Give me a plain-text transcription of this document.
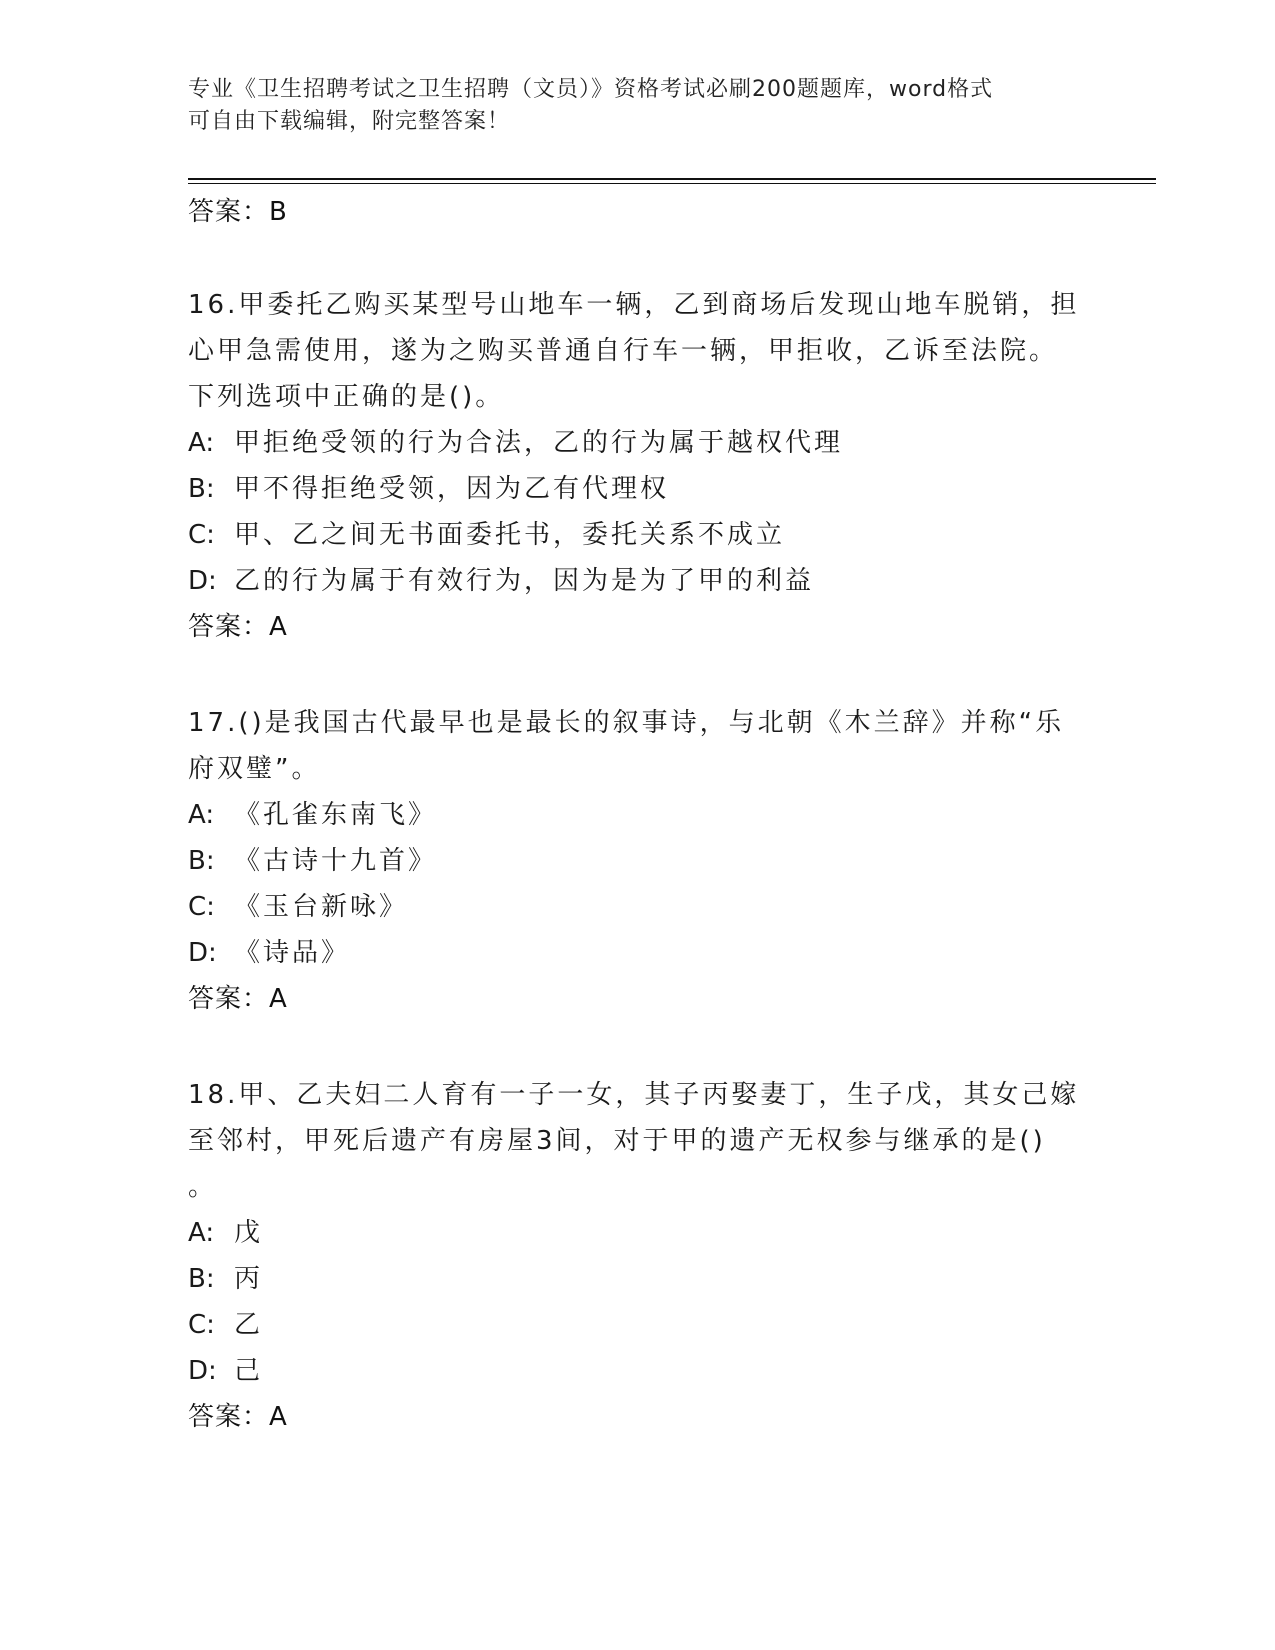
专业《卫生招聘考试之卫生招聘（文员）》资格考试必刷200题题库，word格式
可自由下载编辑，附完整答案！
答案：B
16.甲委托乙购买某型号山地车一辆，乙到商场后发现山地车脱销，担
心甲急需使用，遂为之购买普通自行车一辆，甲拒收，乙诉至法院。
下列选项中正确的是()。
A: 甲拒绝受领的行为合法，乙的行为属于越权代理
B: 甲不得拒绝受领，因为乙有代理权
C: 甲、乙之间无书面委托书，委托关系不成立
D: 乙的行为属于有效行为，因为是为了甲的利益
答案：A
17.()是我国古代最早也是最长的叙事诗，与北朝《木兰辞》并称“乐
府双璧”。
A: 《孔雀东南飞》
B: 《古诗十九首》
C: 《玉台新咏》
D: 《诗品》
答案：A
18.甲、乙夫妇二人育有一子一女，其子丙娶妻丁，生子戊，其女己嫁
至邻村，甲死后遗产有房屋3间，对于甲的遗产无权参与继承的是()
。
A: 戊
B: 丙
C: 乙
D: 己
答案：A
